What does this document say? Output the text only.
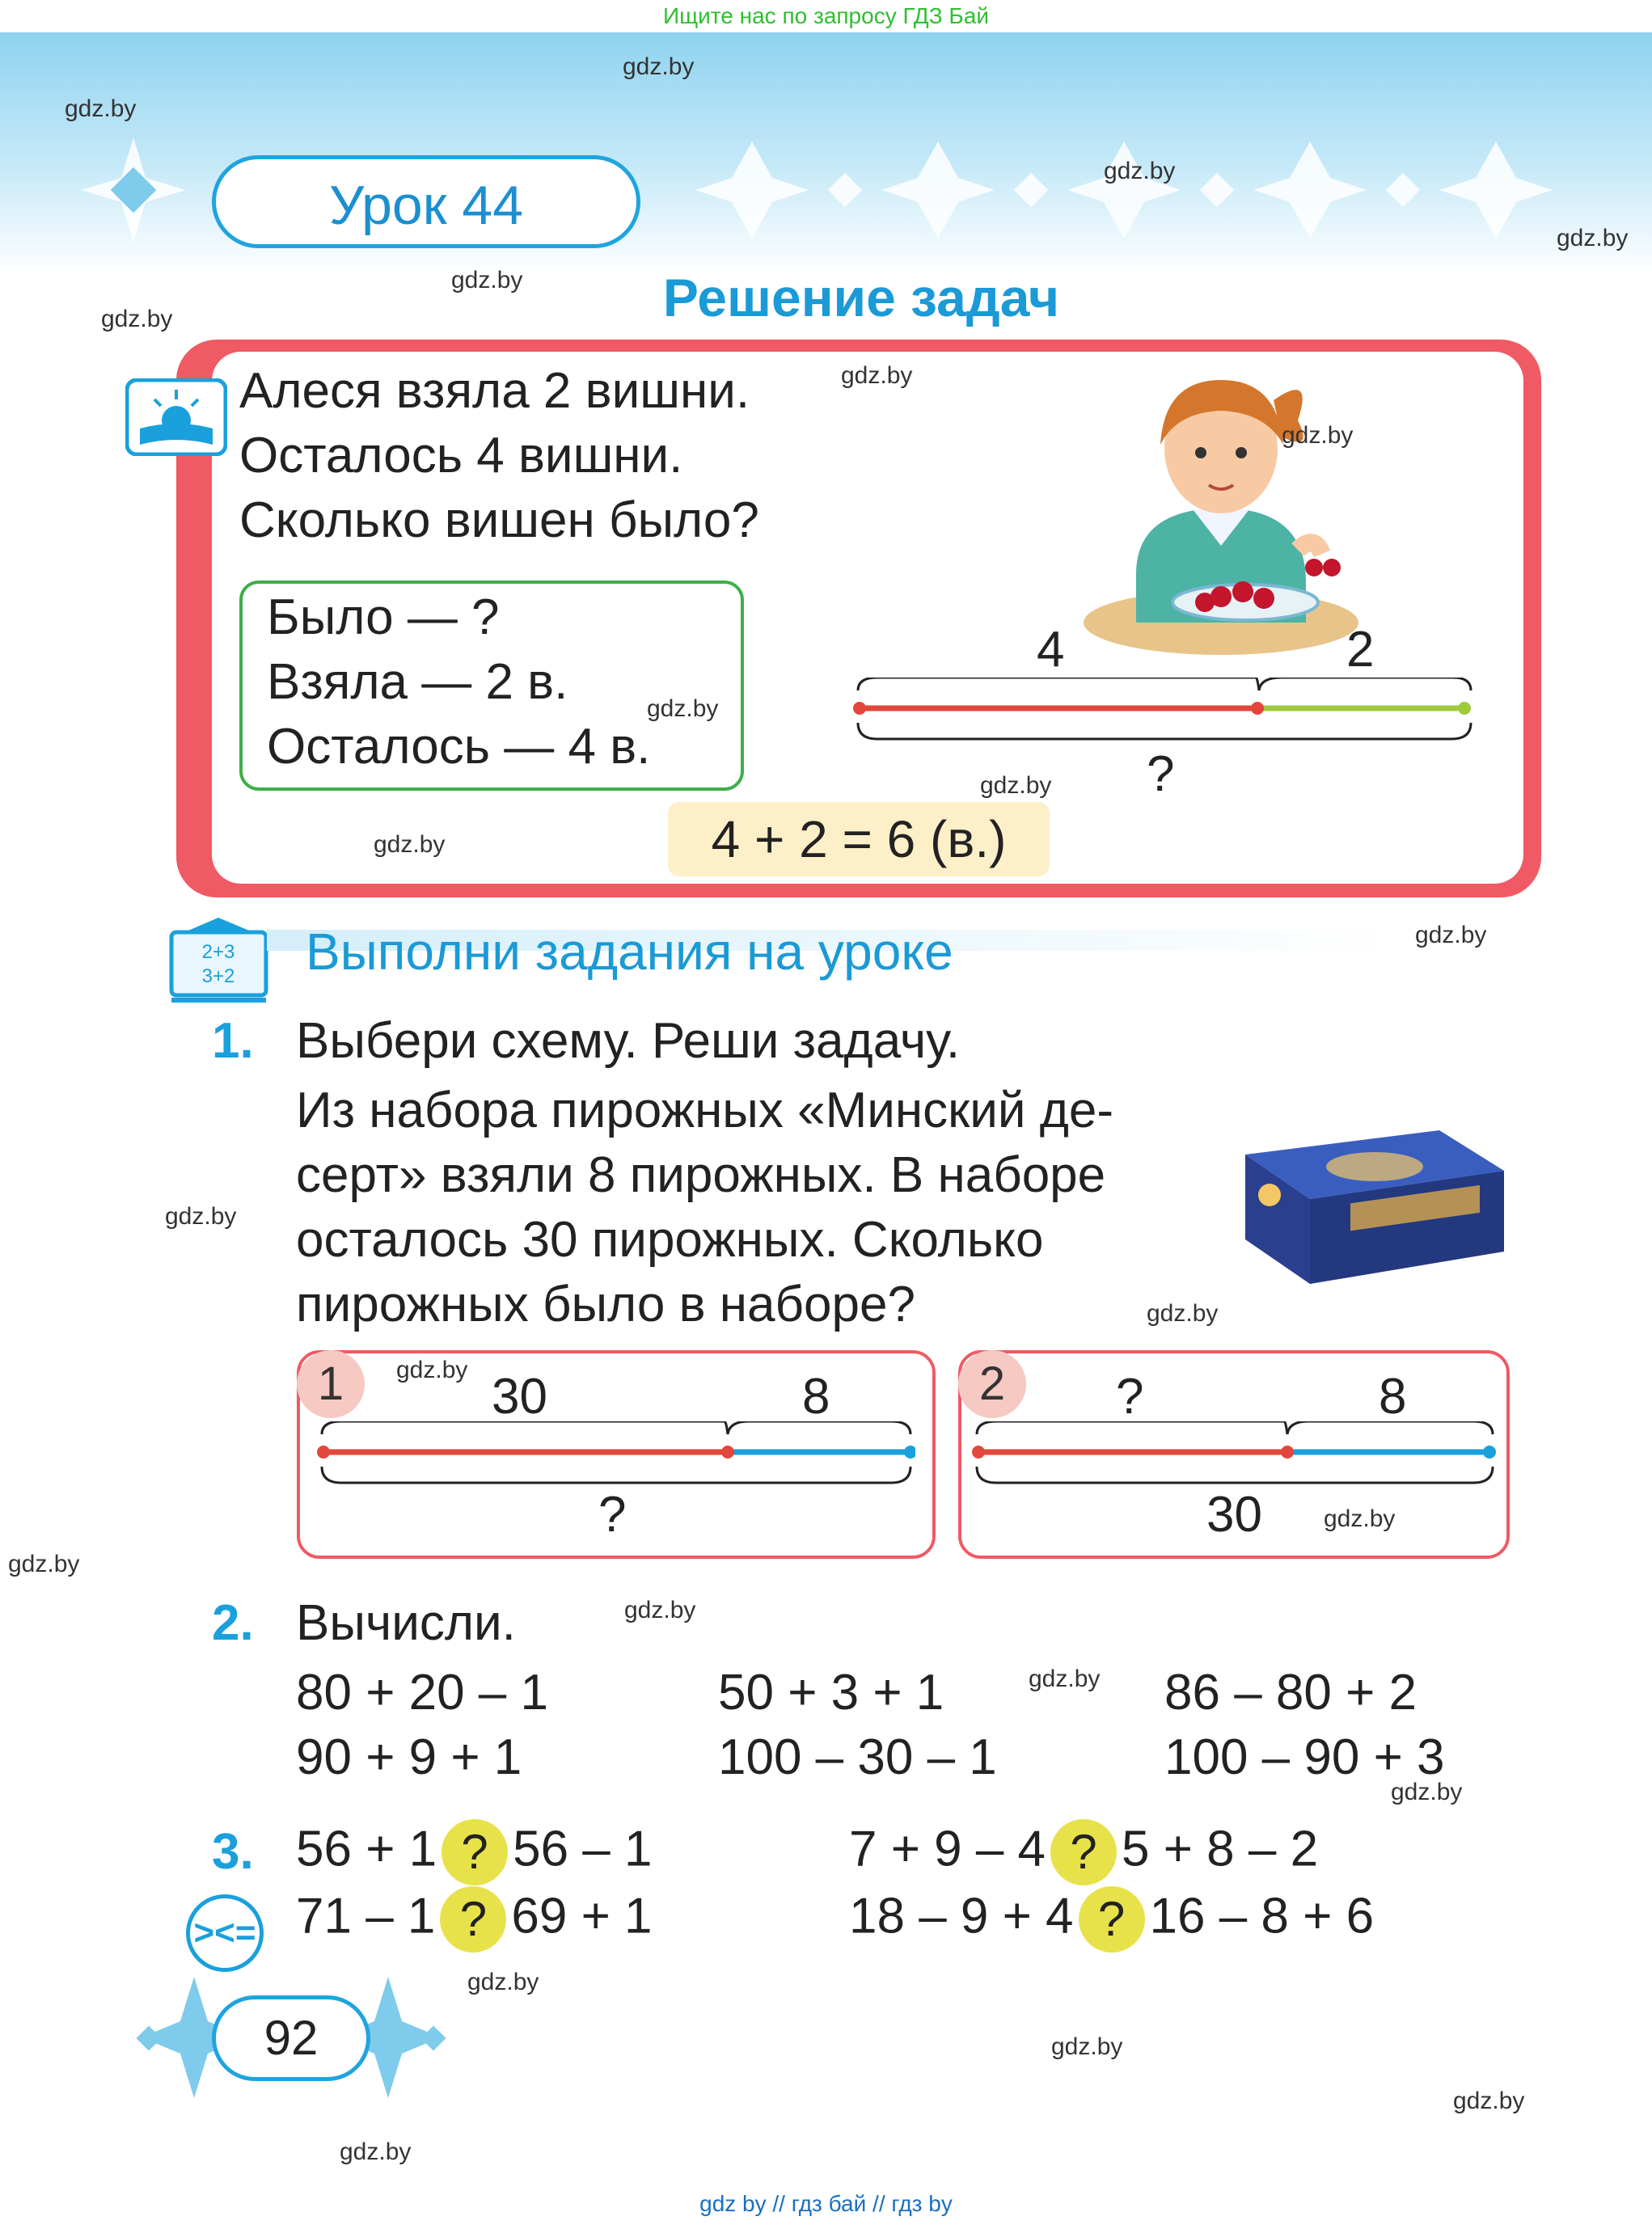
Ищите нас по запросу ГДЗ Бай
Урок 44
Решение задач
gdz.by
gdz.by
gdz.by
gdz.by
gdz.by
gdz.by
Алеся взяла 2 вишни.
Осталось 4 вишни.
Сколько вишен было?
gdz.by
gdz.by
Было — ?
Взяла — 2 в.
Осталось — 4 в.
gdz.by
4	2
?
gdz.by
4 + 2 = 6 (в.)
gdz.by
2+3
3+2 Выполни задания на уроке	gdz.by
1. Выбери схему. Реши задачу.
Из набора пирожных «Минский де-
серт» взяли 8 пирожных. В наборе
осталось 30 пирожных. Сколько
пирожных было в наборе?
gdz.by
gdz.by
1	gdz.by 30	8
?
2	?	8
30	gdz.by
gdz.by
2. Вычисли.	gdz.by
80 + 20 – 1	50 + 3 + 1	86 – 80 + 2
gdz.by
90 + 9 + 1	100 – 30 – 1	100 – 90 + 3
gdz.by
3.
><=
56 + 1 ? 56 – 1	7 + 9 – 4 ? 5 + 8 – 2
71 – 1 ? 69 + 1	18 – 9 + 4 ? 16 – 8 + 6
gdz.by
92	gdz.by
gdz.by
gdz.by
gdz by // гдз бай // гдз by
